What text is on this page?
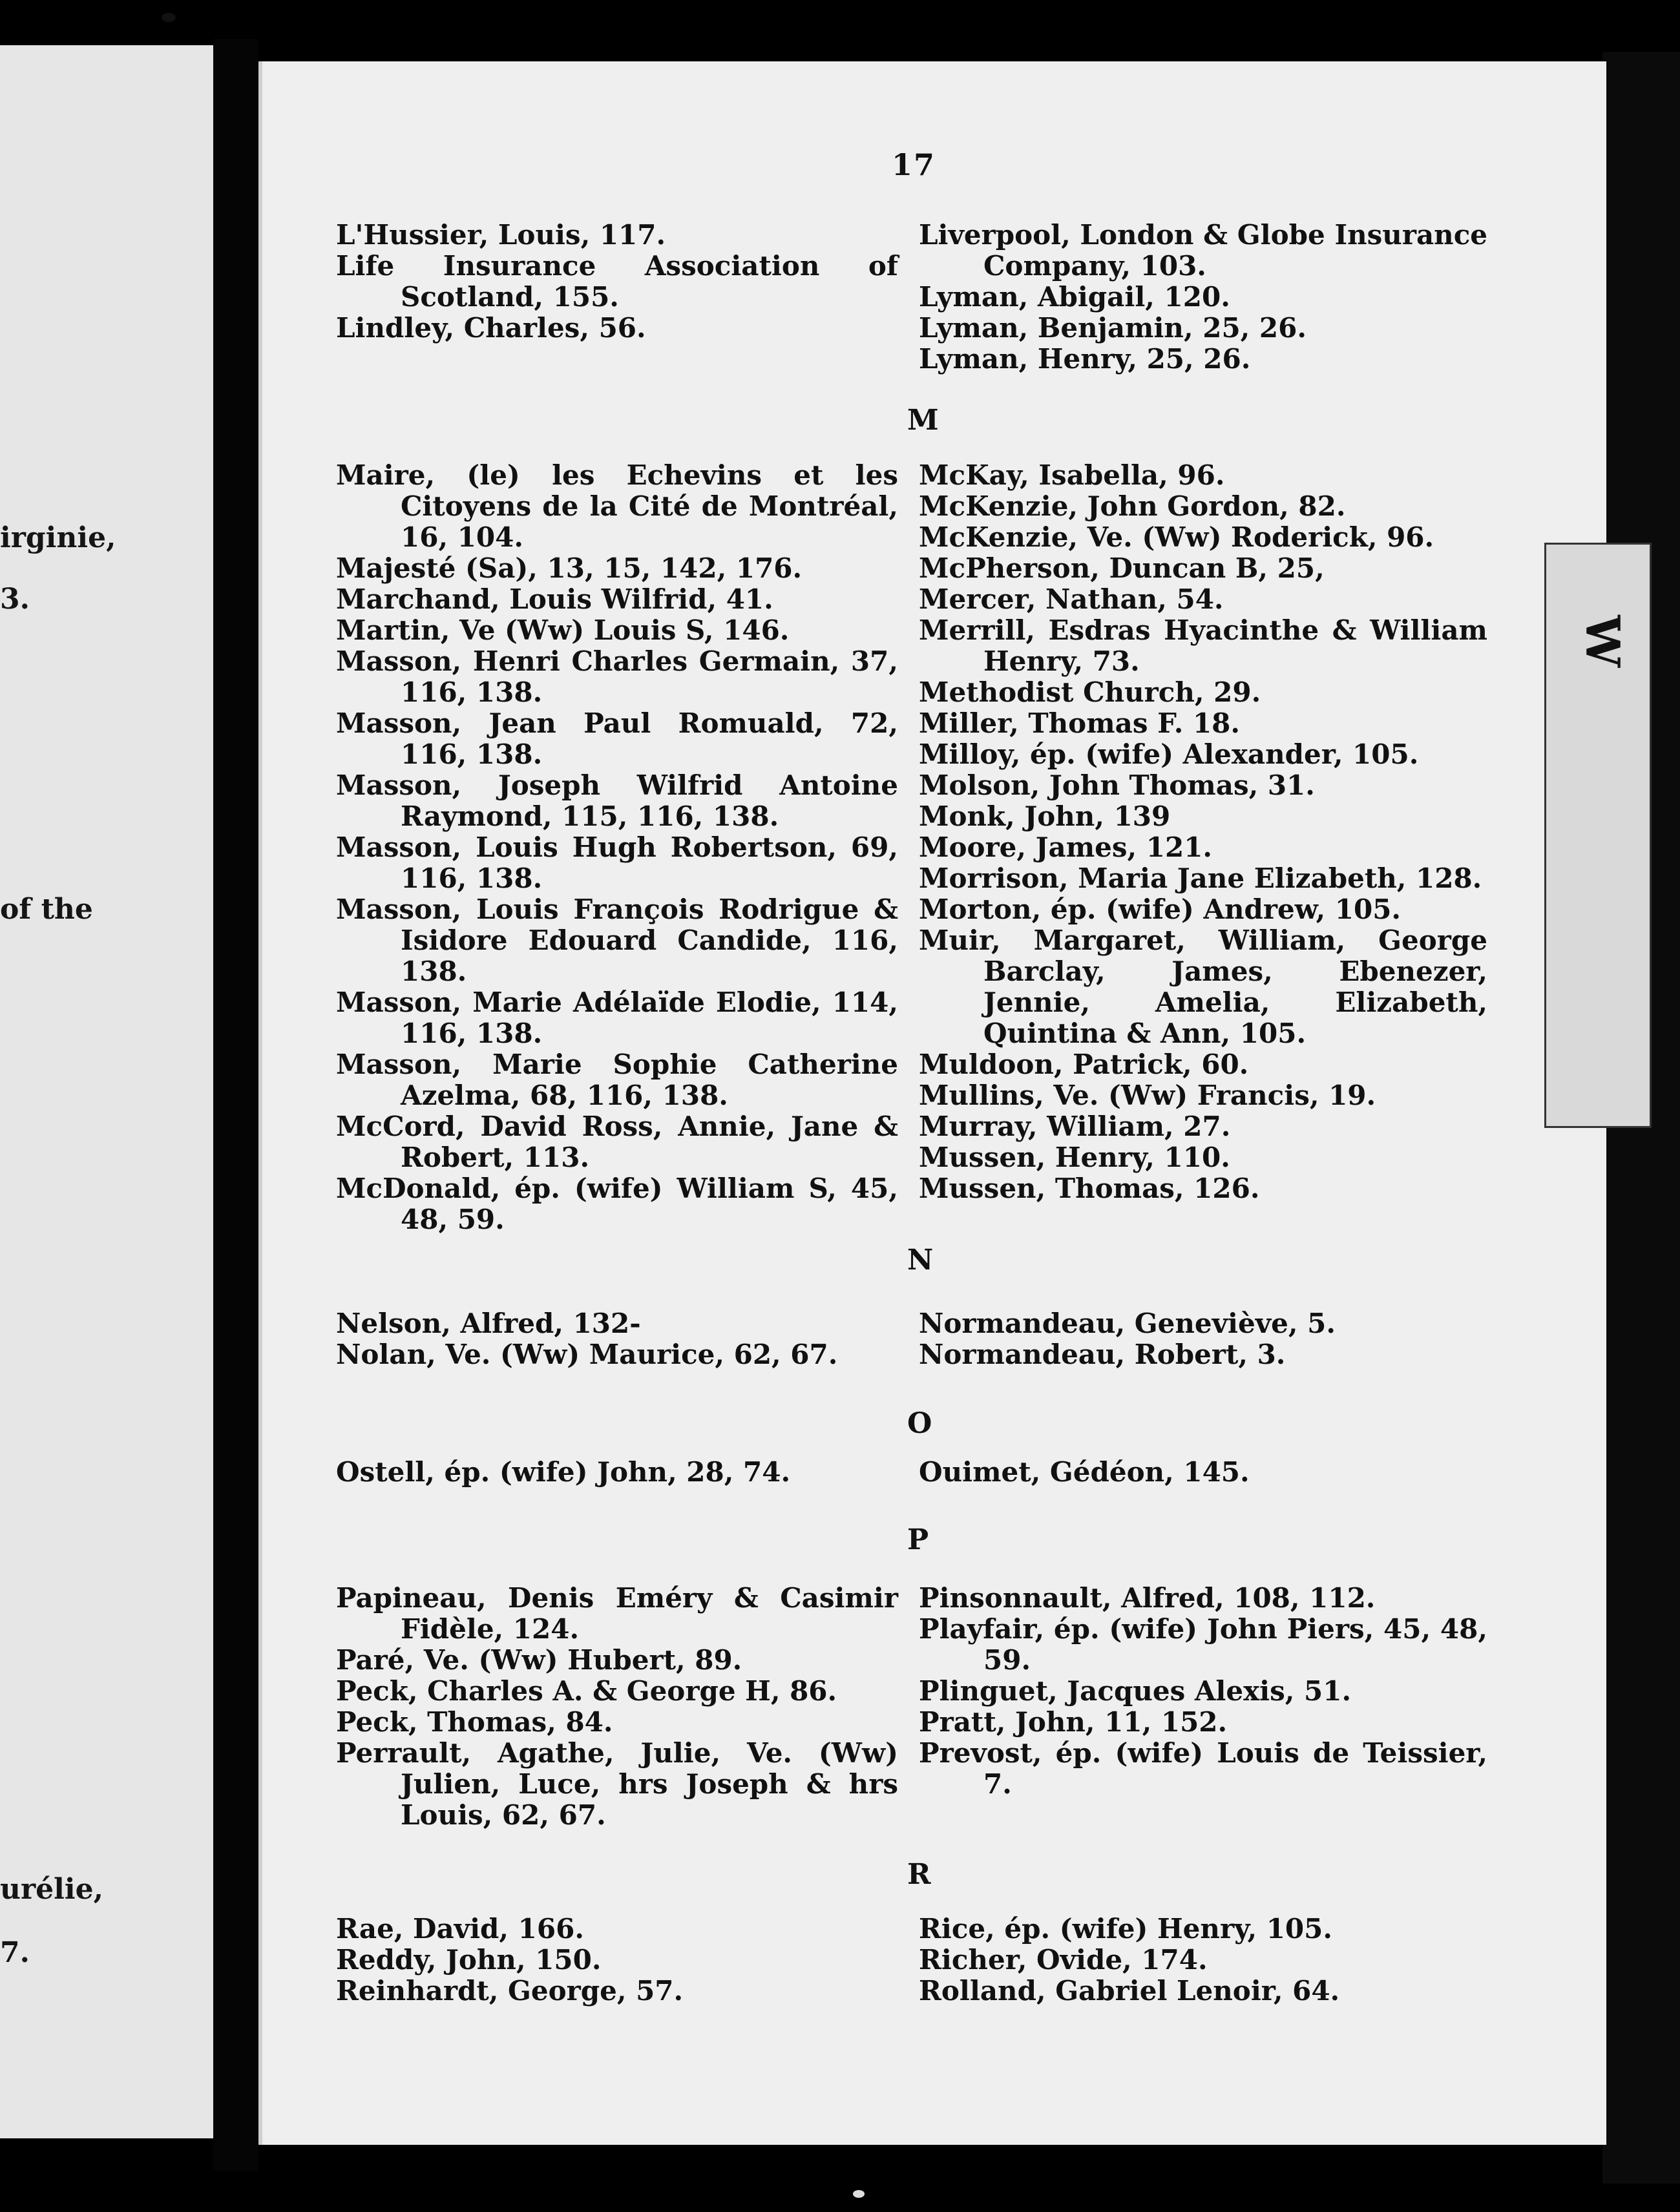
irginie,
3.
of the
urélie,
7.
W
17

L'Hussier, Louis, 117.

Life Insurance Association of Scotland, 155.

Lindley, Charles, 56.

Liverpool, London & Globe Insurance Company, 103.

Lyman, Abigail, 120.

Lyman, Benjamin, 25, 26.

Lyman, Henry, 25, 26.

M

Maire, (le) les Echevins et les Citoyens de la Cité de Montréal, 16, 104.

Majesté (Sa), 13, 15, 142, 176.

Marchand, Louis Wilfrid, 41.

Martin, Ve (Ww) Louis S, 146.

Masson, Henri Charles Germain, 37, 116, 138.

Masson, Jean Paul Romuald, 72, 116, 138.

Masson, Joseph Wilfrid Antoine Raymond, 115, 116, 138.

Masson, Louis Hugh Robertson, 69, 116, 138.

Masson, Louis François Rodrigue & Isidore Edouard Candide, 116, 138.

Masson, Marie Adélaïde Elodie, 114, 116, 138.

Masson, Marie Sophie Catherine Azelma, 68, 116, 138.

McCord, David Ross, Annie, Jane & Robert, 113.

McDonald, ép. (wife) William S, 45, 48, 59.

McKay, Isabella, 96.

McKenzie, John Gordon, 82.

McKenzie, Ve. (Ww) Roderick, 96.

McPherson, Duncan B, 25,

Mercer, Nathan, 54.

Merrill, Esdras Hyacinthe & William Henry, 73.

Methodist Church, 29.

Miller, Thomas F. 18.

Milloy, ép. (wife) Alexander, 105.

Molson, John Thomas, 31.

Monk, John, 139

Moore, James, 121.

Morrison, Maria Jane Elizabeth, 128.

Morton, ép. (wife) Andrew, 105.

Muir, Margaret, William, George Barclay, James, Ebenezer, Jennie, Amelia, Elizabeth, Quintina & Ann, 105.

Muldoon, Patrick, 60.

Mullins, Ve. (Ww) Francis, 19.

Murray, William, 27.

Mussen, Henry, 110.

Mussen, Thomas, 126.

N

Nelson, Alfred, 132-

Nolan, Ve. (Ww) Maurice, 62, 67.

Normandeau, Geneviève, 5.

Normandeau, Robert, 3.

O

Ostell, ép. (wife) John, 28, 74.	Ouimet, Gédéon, 145.

P

Papineau, Denis Eméry & Casimir Fidèle, 124.

Paré, Ve. (Ww) Hubert, 89.

Peck, Charles A. & George H, 86.

Peck, Thomas, 84.

Perrault, Agathe, Julie, Ve. (Ww) Julien, Luce, hrs Joseph & hrs Louis, 62, 67.

Pinsonnault, Alfred, 108, 112.

Playfair, ép. (wife) John Piers, 45, 48, 59.

Plinguet, Jacques Alexis, 51.

Pratt, John, 11, 152.

Prevost, ép. (wife) Louis de Teissier, 7.

R

Rae, David, 166.

Reddy, John, 150.

Reinhardt, George, 57.

Rice, ép. (wife) Henry, 105.

Richer, Ovide, 174.

Rolland, Gabriel Lenoir, 64.
